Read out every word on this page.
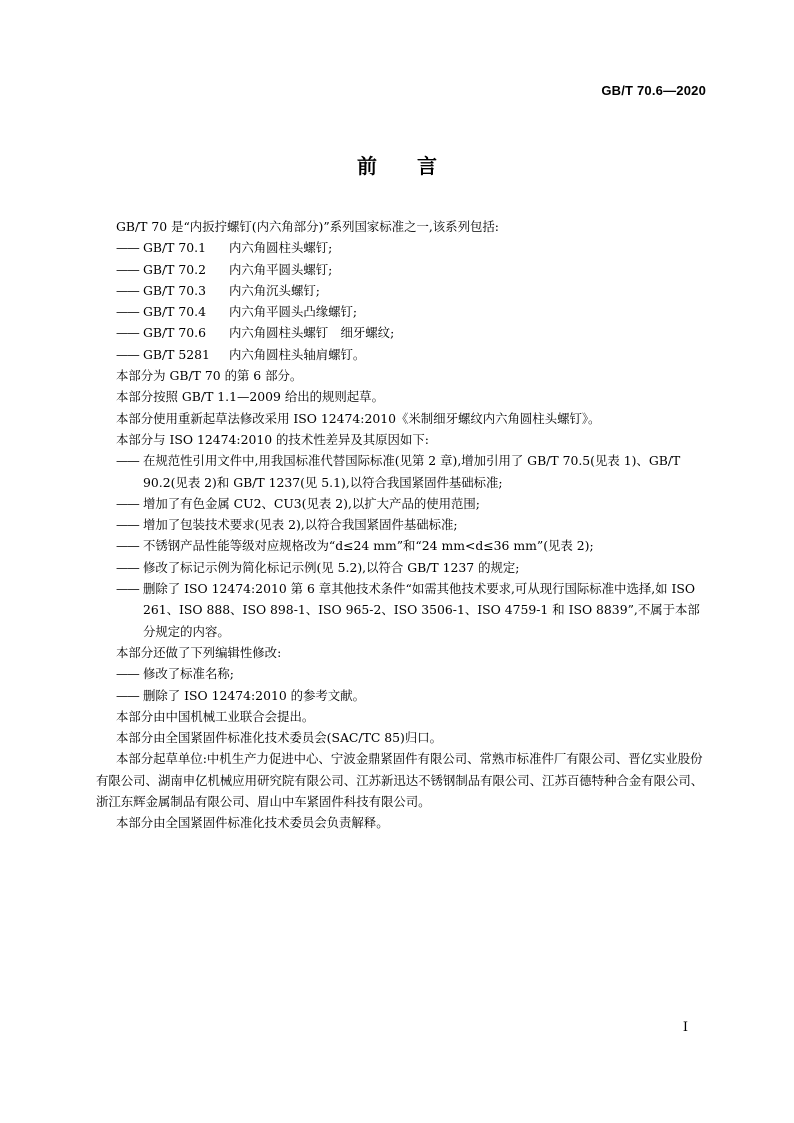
GB/T 70.6—2020
前 言

GB/T 70 是“内扳拧螺钉(内六角部分)”系列国家标准之一,该系列包括:

—— GB/T 70.1 内六角圆柱头螺钉;

—— GB/T 70.2 内六角平圆头螺钉;

—— GB/T 70.3 内六角沉头螺钉;

—— GB/T 70.4 内六角平圆头凸缘螺钉;

—— GB/T 70.6 内六角圆柱头螺钉　细牙螺纹;

—— GB/T 5281 内六角圆柱头轴肩螺钉。

本部分为 GB/T 70 的第 6 部分。

本部分按照 GB/T 1.1—2009 给出的规则起草。

本部分使用重新起草法修改采用 ISO 12474:2010《米制细牙螺纹内六角圆柱头螺钉》。

本部分与 ISO 12474:2010 的技术性差异及其原因如下:

—— 在规范性引用文件中,用我国标准代替国际标准(见第 2 章),增加引用了 GB/T 70.5(见表 1)、GB/T 90.2(见表 2)和 GB/T 1237(见 5.1),以符合我国紧固件基础标准;

—— 增加了有色金属 CU2、CU3(见表 2),以扩大产品的使用范围;

—— 增加了包装技术要求(见表 2),以符合我国紧固件基础标准;

—— 不锈钢产品性能等级对应规格改为“d≤24 mm”和“24 mm<d≤36 mm”(见表 2);

—— 修改了标记示例为简化标记示例(见 5.2),以符合 GB/T 1237 的规定;

—— 删除了 ISO 12474:2010 第 6 章其他技术条件“如需其他技术要求,可从现行国际标准中选择,如 ISO 261、ISO 888、ISO 898-1、ISO 965-2、ISO 3506-1、ISO 4759-1 和 ISO 8839”,不属于本部分规定的内容。

本部分还做了下列编辑性修改:

—— 修改了标准名称;

—— 删除了 ISO 12474:2010 的参考文献。

本部分由中国机械工业联合会提出。

本部分由全国紧固件标准化技术委员会(SAC/TC 85)归口。

本部分起草单位:中机生产力促进中心、宁波金鼎紧固件有限公司、常熟市标准件厂有限公司、晋亿实业股份有限公司、湖南申亿机械应用研究院有限公司、江苏新迅达不锈钢制品有限公司、江苏百德特种合金有限公司、浙江东辉金属制品有限公司、眉山中车紧固件科技有限公司。

本部分由全国紧固件标准化技术委员会负责解释。

I
